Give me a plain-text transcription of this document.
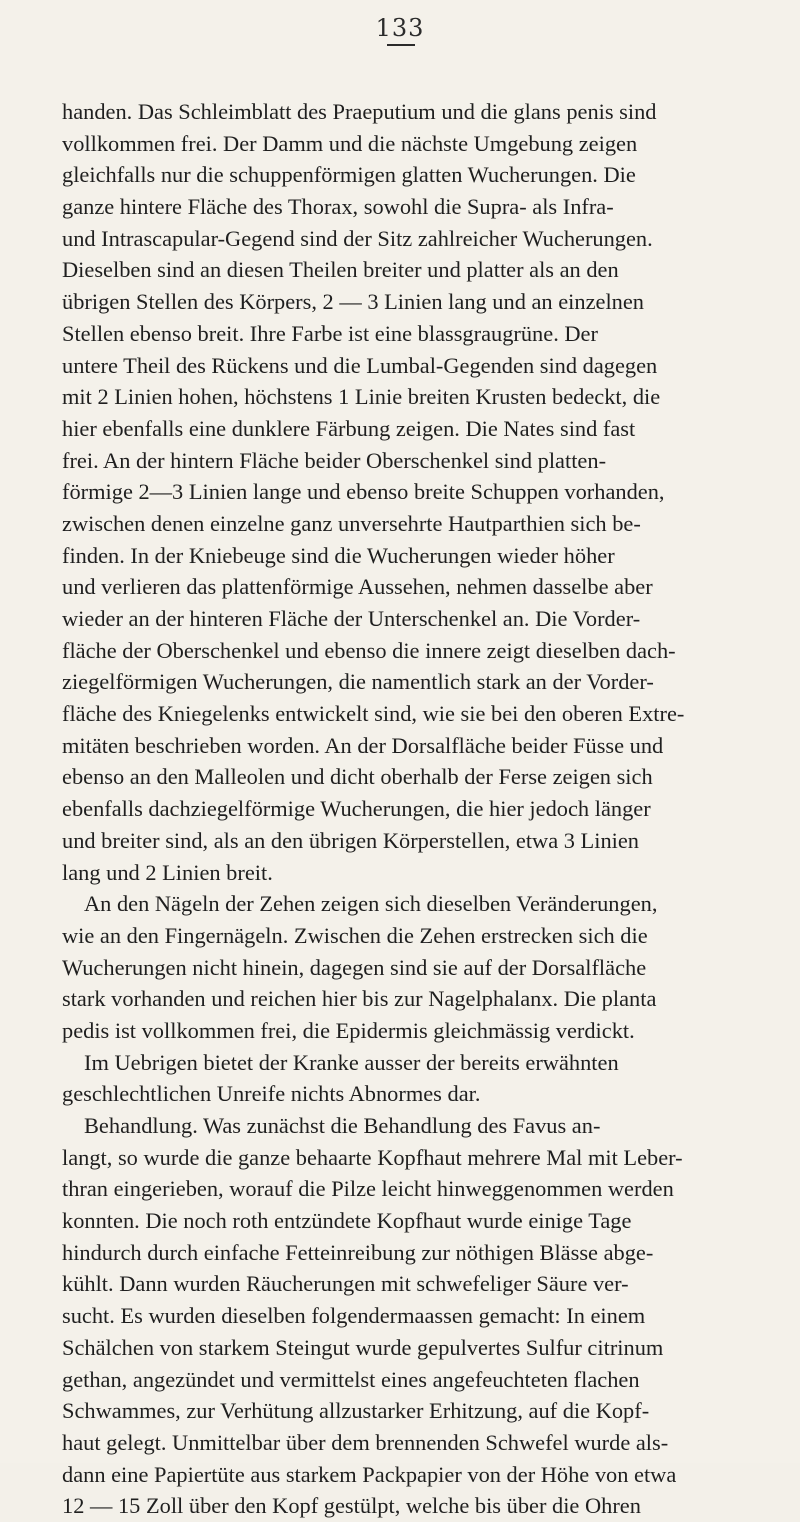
133
handen. Das Schleimblatt des Praeputium und die glans penis sind
vollkommen frei. Der Damm und die nächste Umgebung zeigen
gleichfalls nur die schuppenförmigen glatten Wucherungen. Die
ganze hintere Fläche des Thorax, sowohl die Supra- als Infra-
und Intrascapular-Gegend sind der Sitz zahlreicher Wucherungen.
Dieselben sind an diesen Theilen breiter und platter als an den
übrigen Stellen des Körpers, 2 — 3 Linien lang und an einzelnen
Stellen ebenso breit. Ihre Farbe ist eine blassgraugrüne. Der
untere Theil des Rückens und die Lumbal-Gegenden sind dagegen
mit 2 Linien hohen, höchstens 1 Linie breiten Krusten bedeckt, die
hier ebenfalls eine dunklere Färbung zeigen. Die Nates sind fast
frei. An der hintern Fläche beider Oberschenkel sind platten-
förmige 2—3 Linien lange und ebenso breite Schuppen vorhanden,
zwischen denen einzelne ganz unversehrte Hautparthien sich be-
finden. In der Kniebeuge sind die Wucherungen wieder höher
und verlieren das plattenförmige Aussehen, nehmen dasselbe aber
wieder an der hinteren Fläche der Unterschenkel an. Die Vorder-
fläche der Oberschenkel und ebenso die innere zeigt dieselben dach-
ziegelförmigen Wucherungen, die namentlich stark an der Vorder-
fläche des Kniegelenks entwickelt sind, wie sie bei den oberen Extre-
mitäten beschrieben worden. An der Dorsalfläche beider Füsse und
ebenso an den Malleolen und dicht oberhalb der Ferse zeigen sich
ebenfalls dachziegelförmige Wucherungen, die hier jedoch länger
und breiter sind, als an den übrigen Körperstellen, etwa 3 Linien
lang und 2 Linien breit.
An den Nägeln der Zehen zeigen sich dieselben Veränderungen,
wie an den Fingernägeln. Zwischen die Zehen erstrecken sich die
Wucherungen nicht hinein, dagegen sind sie auf der Dorsalfläche
stark vorhanden und reichen hier bis zur Nagelphalanx. Die planta
pedis ist vollkommen frei, die Epidermis gleichmässig verdickt.
Im Uebrigen bietet der Kranke ausser der bereits erwähnten
geschlechtlichen Unreife nichts Abnormes dar.
Behandlung. Was zunächst die Behandlung des Favus an-
langt, so wurde die ganze behaarte Kopfhaut mehrere Mal mit Leber-
thran eingerieben, worauf die Pilze leicht hinweggenommen werden
konnten. Die noch roth entzündete Kopfhaut wurde einige Tage
hindurch durch einfache Fetteinreibung zur nöthigen Blässe abge-
kühlt. Dann wurden Räucherungen mit schwefeliger Säure ver-
sucht. Es wurden dieselben folgendermaassen gemacht: In einem
Schälchen von starkem Steingut wurde gepulvertes Sulfur citrinum
gethan, angezündet und vermittelst eines angefeuchteten flachen
Schwammes, zur Verhütung allzustarker Erhitzung, auf die Kopf-
haut gelegt. Unmittelbar über dem brennenden Schwefel wurde als-
dann eine Papiertüte aus starkem Packpapier von der Höhe von etwa
12 — 15 Zoll über den Kopf gestülpt, welche bis über die Ohren
